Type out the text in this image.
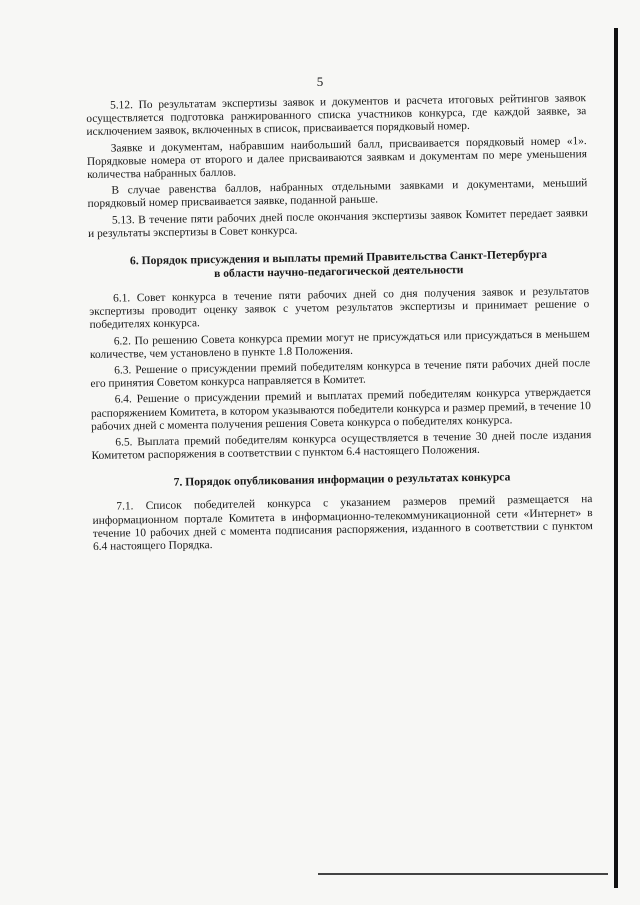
5

5.12. По результатам экспертизы заявок и документов и расчета итоговых рейтингов заявок осуществляется подготовка ранжированного списка участников конкурса, где каждой заявке, за исключением заявок, включенных в список, присваивается порядковый номер.

Заявке и документам, набравшим наибольший балл, присваивается порядковый номер «1». Порядковые номера от второго и далее присваиваются заявкам и документам по мере уменьшения количества набранных баллов.

В случае равенства баллов, набранных отдельными заявками и документами, меньший порядковый номер присваивается заявке, поданной раньше.

5.13. В течение пяти рабочих дней после окончания экспертизы заявок Комитет передает заявки и результаты экспертизы в Совет конкурса.

6. Порядок присуждения и выплаты премий Правительства Санкт-Петербурга
в области научно-педагогической деятельности

6.1. Совет конкурса в течение пяти рабочих дней со дня получения заявок и результатов экспертизы проводит оценку заявок с учетом результатов экспертизы и принимает решение о победителях конкурса.

6.2. По решению Совета конкурса премии могут не присуждаться или присуждаться в меньшем количестве, чем установлено в пункте 1.8 Положения.

6.3. Решение о присуждении премий победителям конкурса в течение пяти рабочих дней после его принятия Советом конкурса направляется в Комитет.

6.4. Решение о присуждении премий и выплатах премий победителям конкурса утверждается распоряжением Комитета, в котором указываются победители конкурса и размер премий, в течение 10 рабочих дней с момента получения решения Совета конкурса о победителях конкурса.

6.5. Выплата премий победителям конкурса осуществляется в течение 30 дней после издания Комитетом распоряжения в соответствии с пунктом 6.4 настоящего Положения.

7. Порядок опубликования информации о результатах конкурса

7.1. Список победителей конкурса с указанием размеров премий размещается на информационном портале Комитета в информационно-телекоммуникационной сети «Интернет» в течение 10 рабочих дней с момента подписания распоряжения, изданного в соответствии с пунктом 6.4 настоящего Порядка.
